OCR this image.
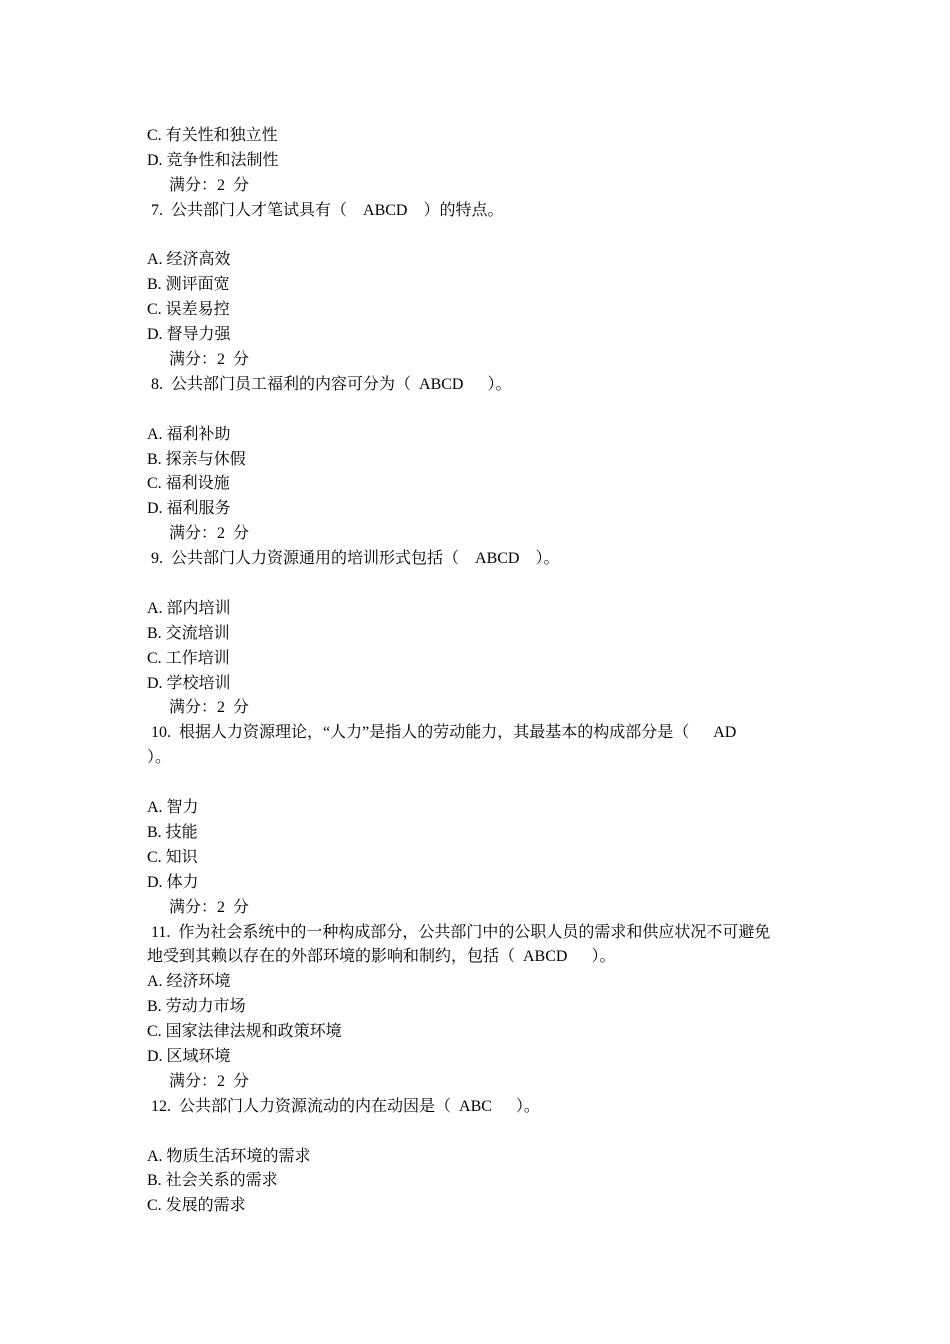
C. 有关性和独立性
D. 竞争性和法制性
满分：2  分
7.  公共部门人才笔试具有（    ABCD    ）的特点。
A. 经济高效
B. 测评面宽
C. 误差易控
D. 督导力强
满分：2  分
8.  公共部门员工福利的内容可分为（  ABCD      ）。
A. 福利补助
B. 探亲与休假
C. 福利设施
D. 福利服务
满分：2  分
9.  公共部门人力资源通用的培训形式包括（    ABCD    ）。
A. 部内培训
B. 交流培训
C. 工作培训
D. 学校培训
满分：2  分
10.  根据人力资源理论，“人力”是指人的劳动能力，其最基本的构成部分是（      AD
）。
A. 智力
B. 技能
C. 知识
D. 体力
满分：2  分
11.  作为社会系统中的一种构成部分，公共部门中的公职人员的需求和供应状况不可避免
地受到其赖以存在的外部环境的影响和制约，包括（  ABCD      ）。
A. 经济环境
B. 劳动力市场
C. 国家法律法规和政策环境
D. 区域环境
满分：2  分
12.  公共部门人力资源流动的内在动因是（  ABC      ）。
A. 物质生活环境的需求
B. 社会关系的需求
C. 发展的需求
